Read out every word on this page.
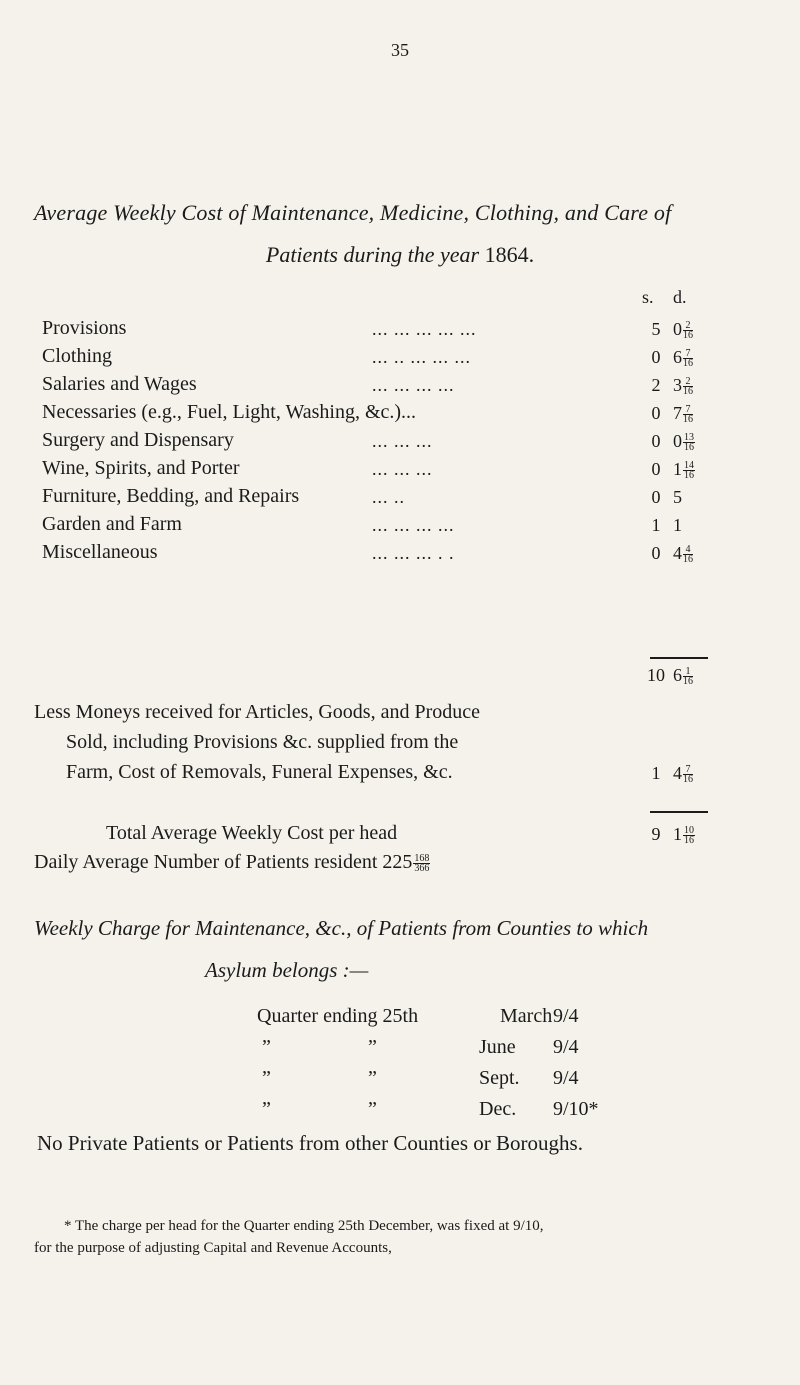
35
Average Weekly Cost of Maintenance, Medicine, Clothing, and Care of
Patients during the year 1864.
s. d.
Provisions	... ... ... ... ...	5 $0 \frac{2}{16}$
Clothing	... .. ... ... ...	0 $6 \frac{7}{16}$
Salaries and Wages	... ... ... ...	2 $3 \frac{2}{16}$
Necessaries (e.g., Fuel, Light, Washing, &c.)...	0 $7 \frac{7}{16}$
Surgery and Dispensary	... ... ...	0 $0 \frac{13}{16}$
Wine, Spirits, and Porter	... ... ...	0 $1 \frac{14}{16}$
Furniture, Bedding, and Repairs	... ..	0 5
Garden and Farm	... ... ... ...	1 1
Miscellaneous	... ... ... . .	0 $4 \frac{4}{16}$
10 $6 \frac{1}{16}$
Less Moneys received for Articles, Goods, and Produce
Sold, including Provisions &c. supplied from the
Farm, Cost of Removals, Funeral Expenses, &c.	1 $4 \frac{7}{16}$
Total Average Weekly Cost per head	9 $1 \frac{10}{16}$
Daily Average Number of Patients resident $225 \frac{168}{366}$
Weekly Charge for Maintenance, &c., of Patients from Counties to which
Asylum belongs :—
Quarter ending 25th	March 9/4
”	”	June 9/4
”	”	Sept. 9/4
”	”	Dec. 9/10*
No Private Patients or Patients from other Counties or Boroughs.
* The charge per head for the Quarter ending 25th December, was fixed at 9/10,
for the purpose of adjusting Capital and Revenue Accounts,
